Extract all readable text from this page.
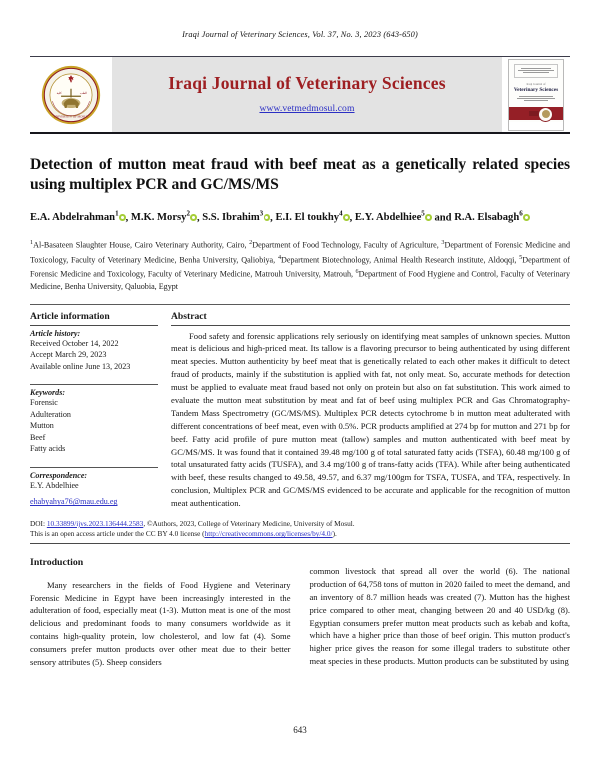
Iraqi Journal of Veterinary Sciences, Vol. 37, No. 3, 2023 (643-650)
V
UNIVERSITY OF MOSUL
كلية	الطب	Iraqi Journal of Veterinary Sciences
www.vetmedmosul.com
Iraqi Journal of
Veterinary Sciences
Detection of mutton meat fraud with beef meat as a genetically related species using multiplex PCR and GC/MS/MS
E.A. Abdelrahman$^1$ , M.K. Morsy$^2$ , S.S. Ibrahim$^3$ , E.I. El toukhy$^4$ , E.Y. Abdelhiee$^5$ and R.A. Elsabagh$^6$
$^1$Al-Basateen Slaughter House, Cairo Veterinary Authority, Cairo, $^2$Department of Food Technology, Faculty of Agriculture, $^3$Department of Forensic Medicine and Toxicology, Faculty of Veterinary Medicine, Benha University, Qaliobiya, $^4$Department Biotechnology, Animal Health Research institute, Aldoqqi, $^5$Department of Forensic Medicine and Toxicology, Faculty of Veterinary Medicine, Matrouh University, Matrouh, $^6$Department of Food Hygiene and Control, Faculty of Veterinary Medicine, Benha University, Qaluobia, Egypt
Article information
Article history:
Received October 14, 2022
Accept March 29, 2023
Available online June 13, 2023
Keywords:
Forensic
Adulteration
Mutton
Beef
Fatty acids
Correspondence:
E.Y. Abdelhiee
ehabyahya76@mau.edu.eg
Abstract
Food safety and forensic applications rely seriously on identifying meat samples of unknown species. Mutton meat is delicious and high-priced meat. Its tallow is a flavoring precursor to being authenticated by using different meat species. Mutton authenticity by beef meat that is genetically related to each other makes it difficult to detect fraud of products, mainly if the substitution is applied with fat, not only meat. So, accurate methods for detection must be applied to evaluate meat fraud based not only on protein but also on fat substitution. This work aimed to evaluate the mutton meat substitution by meat and fat of beef using multiplex PCR and Gas Chromatography-Tandem Mass Spectrometry (GC/MS/MS). Multiplex PCR detects cytochrome b in mutton meat adulterated with different concentrations of beef meat, even with 0.5%. PCR products amplified at 274 bp for mutton and 271 bp for beef. Fatty acid profile of pure mutton meat (tallow) samples and mutton authenticated with beef meat by GC/MS/MS. It was found that it contained 39.48 mg/100 g of total saturated fatty acids (TSFA), 60.48 mg/100 g of total unsaturated fatty acids (TUSFA), and 3.4 mg/100 g of trans-fatty acids (TFA). While after being authenticated with beef, these results changed to 49.58, 49.57, and 6.37 mg/100gm for TSFA, TUSFA, and TFA, respectively. In conclusion, Multiplex PCR and GC/MS/MS evidenced to be accurate and applicable for the recognition of mutton meat authentication.
DOI: 10.33899/ijvs.2023.136444.2583, ©Authors, 2023, College of Veterinary Medicine, University of Mosul.
This is an open access article under the CC BY 4.0 license (http://creativecommons.org/licenses/by/4.0/).
Introduction

Many researchers in the fields of Food Hygiene and Veterinary Forensic Medicine in Egypt have been increasingly interested in the adulteration of food, especially meat (1-3). Mutton meat is one of the most delicious and predominant foods to many consumers worldwide as it contains high-quality protein, low cholesterol, and low fat (4). Some consumers prefer mutton products over other meat due to their better sensory attributes (5). Sheep considers

common livestock that spread all over the world (6). The national production of 64,758 tons of mutton in 2020 failed to meet the demand, and an inventory of 8.7 million heads was created (7). Mutton has the highest price compared to other meat, changing between 20 and 40 USD/kg (8). Egyptian consumers prefer mutton meat products such as kebab and kofta, which have a higher price than those of beef origin. This mutton product's higher price gives the reason for some illegal traders to substitute other meat species in these products. Mutton products can be substituted by using

643
